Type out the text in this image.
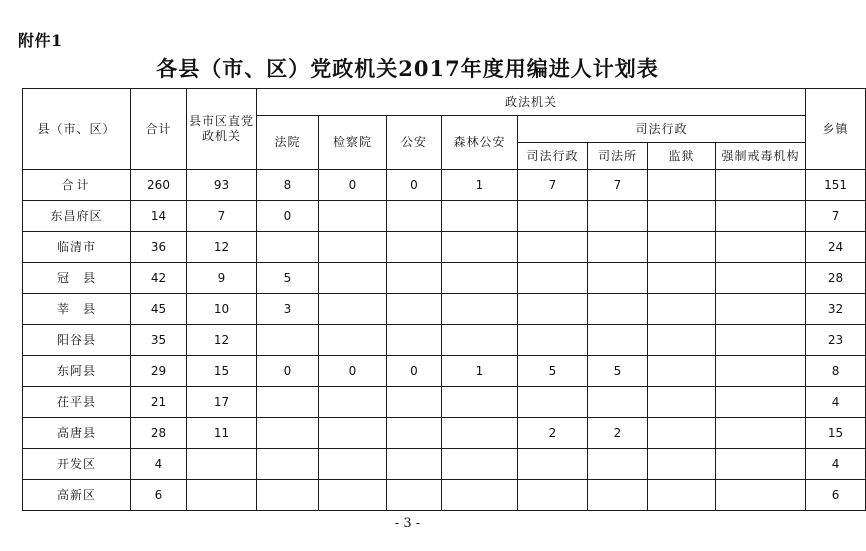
附件1
各县（市、区）党政机关2017年度用编进人计划表
县（市、区）	合计	县市区直党政机关	政法机关								乡镇
			法院	检察院	公安	森林公安	司法行政				
							司法行政	司法所	监狱	强制戒毒机构	
合计	260	93	8	0	0	1	7	7			151
东昌府区	14	7	0								7
临清市	36	12									24
冠　县	42	9	5								28
莘　县	45	10	3								32
阳谷县	35	12									23
东阿县	29	15	0	0	0	1	5	5			8
茌平县	21	17									4
高唐县	28	11					2	2			15
开发区	4										4
高新区	6										6
- 3 -
